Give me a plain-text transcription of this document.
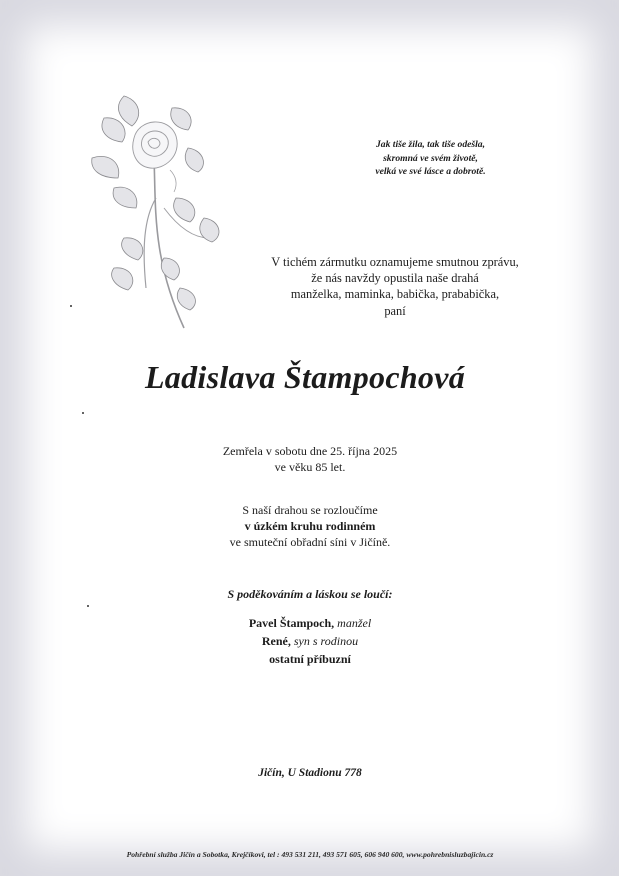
Jak tiše žila, tak tiše odešla,
skromná ve svém životě,
velká ve své lásce a dobrotě.
V tichém zármutku oznamujeme smutnou zprávu,
že nás navždy opustila naše drahá
manželka, maminka, babička, prababička,
paní
Ladislava Štampochová
Zemřela v sobotu dne 25. října 2025
ve věku 85 let.
S naší drahou se rozloučíme
v úzkém kruhu rodinném
ve smuteční obřadní síni v Jičíně.
S poděkováním a láskou se loučí:
Pavel Štampoch, manžel
René, syn s rodinou
ostatní příbuzní
Jičín, U Stadionu 778
Pohřební služba Jičín a Sobotka, Krejčíkovi, tel : 493 531 211, 493 571 605, 606 940 600, www.pohrebnisluzbajicin.cz
